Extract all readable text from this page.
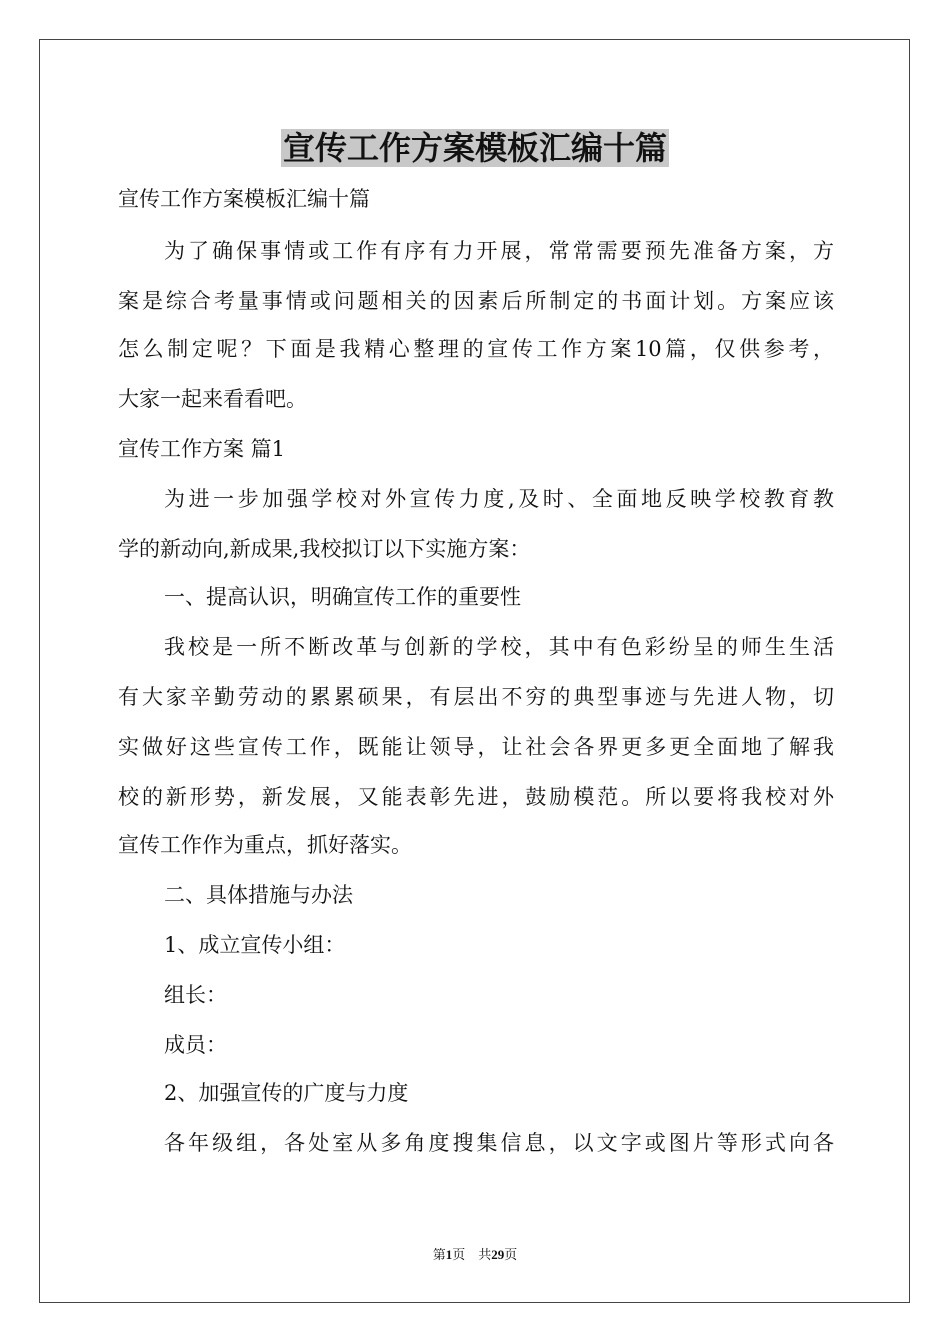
宣传工作方案模板汇编十篇
宣传工作方案模板汇编十篇
为了确保事情或工作有序有力开展，常常需要预先准备方案，方
案是综合考量事情或问题相关的因素后所制定的书面计划。方案应该
怎么制定呢？下面是我精心整理的宣传工作方案10篇，仅供参考，
大家一起来看看吧。
宣传工作方案 篇1
为进一步加强学校对外宣传力度,及时、全面地反映学校教育教
学的新动向,新成果,我校拟订以下实施方案：
一、提高认识，明确宣传工作的重要性
我校是一所不断改革与创新的学校，其中有色彩纷呈的师生生活
有大家辛勤劳动的累累硕果，有层出不穷的典型事迹与先进人物，切
实做好这些宣传工作，既能让领导，让社会各界更多更全面地了解我
校的新形势，新发展，又能表彰先进，鼓励模范。所以要将我校对外
宣传工作作为重点，抓好落实。
二、具体措施与办法
1、成立宣传小组：
组长：
成员：
2、加强宣传的广度与力度
各年级组，各处室从多角度搜集信息，以文字或图片等形式向各
第1页　共29页
